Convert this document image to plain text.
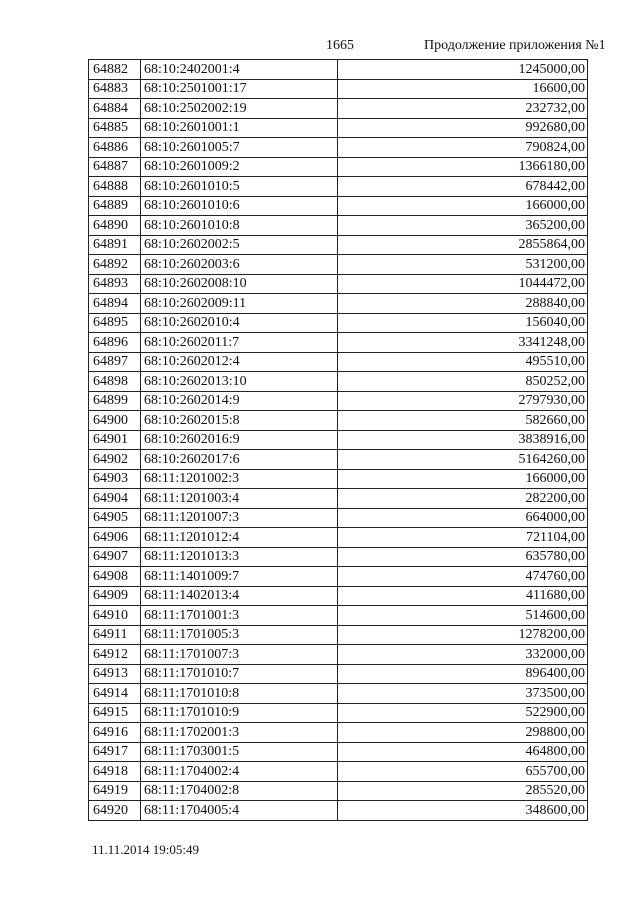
1665	Продолжение приложения №1
64882	68:10:2402001:4	1245000,00
64883	68:10:2501001:17	16600,00
64884	68:10:2502002:19	232732,00
64885	68:10:2601001:1	992680,00
64886	68:10:2601005:7	790824,00
64887	68:10:2601009:2	1366180,00
64888	68:10:2601010:5	678442,00
64889	68:10:2601010:6	166000,00
64890	68:10:2601010:8	365200,00
64891	68:10:2602002:5	2855864,00
64892	68:10:2602003:6	531200,00
64893	68:10:2602008:10	1044472,00
64894	68:10:2602009:11	288840,00
64895	68:10:2602010:4	156040,00
64896	68:10:2602011:7	3341248,00
64897	68:10:2602012:4	495510,00
64898	68:10:2602013:10	850252,00
64899	68:10:2602014:9	2797930,00
64900	68:10:2602015:8	582660,00
64901	68:10:2602016:9	3838916,00
64902	68:10:2602017:6	5164260,00
64903	68:11:1201002:3	166000,00
64904	68:11:1201003:4	282200,00
64905	68:11:1201007:3	664000,00
64906	68:11:1201012:4	721104,00
64907	68:11:1201013:3	635780,00
64908	68:11:1401009:7	474760,00
64909	68:11:1402013:4	411680,00
64910	68:11:1701001:3	514600,00
64911	68:11:1701005:3	1278200,00
64912	68:11:1701007:3	332000,00
64913	68:11:1701010:7	896400,00
64914	68:11:1701010:8	373500,00
64915	68:11:1701010:9	522900,00
64916	68:11:1702001:3	298800,00
64917	68:11:1703001:5	464800,00
64918	68:11:1704002:4	655700,00
64919	68:11:1704002:8	285520,00
64920	68:11:1704005:4	348600,00
11.11.2014 19:05:49
